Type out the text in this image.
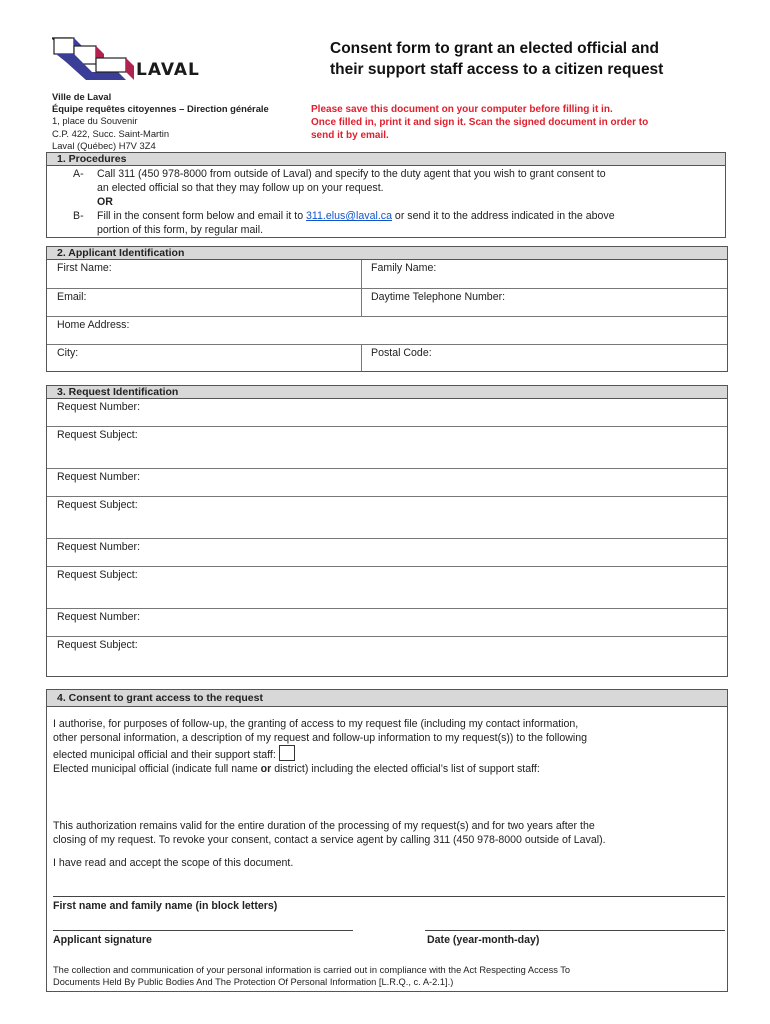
LAVAL
Consent form to grant an elected official and
their support staff access to a citizen request
Ville de Laval
Équipe requêtes citoyennes – Direction générale
1, place du Souvenir
C.P. 422, Succ. Saint-Martin
Laval (Québec) H7V 3Z4
Please save this document on your computer before filling it in.
Once filled in, print it and sign it. Scan the signed document in order to
send it by email.
1. Procedures
A- Call 311 (450 978-8000 from outside of Laval) and specify to the duty agent that you wish to grant consent to
an elected official so that they may follow up on your request.
OR
B- Fill in the consent form below and email it to 311.elus@laval.ca or send it to the address indicated in the above
portion of this form, by regular mail.
2. Applicant Identification
First Name:	Family Name:
Email:	Daytime Telephone Number:
Home Address:
City:	Postal Code:
3. Request Identification
Request Number:
Request Subject:
Request Number:
Request Subject:
Request Number:
Request Subject:
Request Number:
Request Subject:
4. Consent to grant access to the request
I authorise, for purposes of follow-up, the granting of access to my request file (including my contact information,
other personal information, a description of my request and follow-up information to my request(s)) to the following
elected municipal official and their support staff:
Elected municipal official (indicate full name or district) including the elected official’s list of support staff:
This authorization remains valid for the entire duration of the processing of my request(s) and for two years after the
closing of my request. To revoke your consent, contact a service agent by calling 311 (450 978-8000 outside of Laval).
I have read and accept the scope of this document.
First name and family name (in block letters)
Applicant signature	Date (year-month-day)
The collection and communication of your personal information is carried out in compliance with the Act Respecting Access To
Documents Held By Public Bodies And The Protection Of Personal Information [L.R.Q., c. A-2.1].)
